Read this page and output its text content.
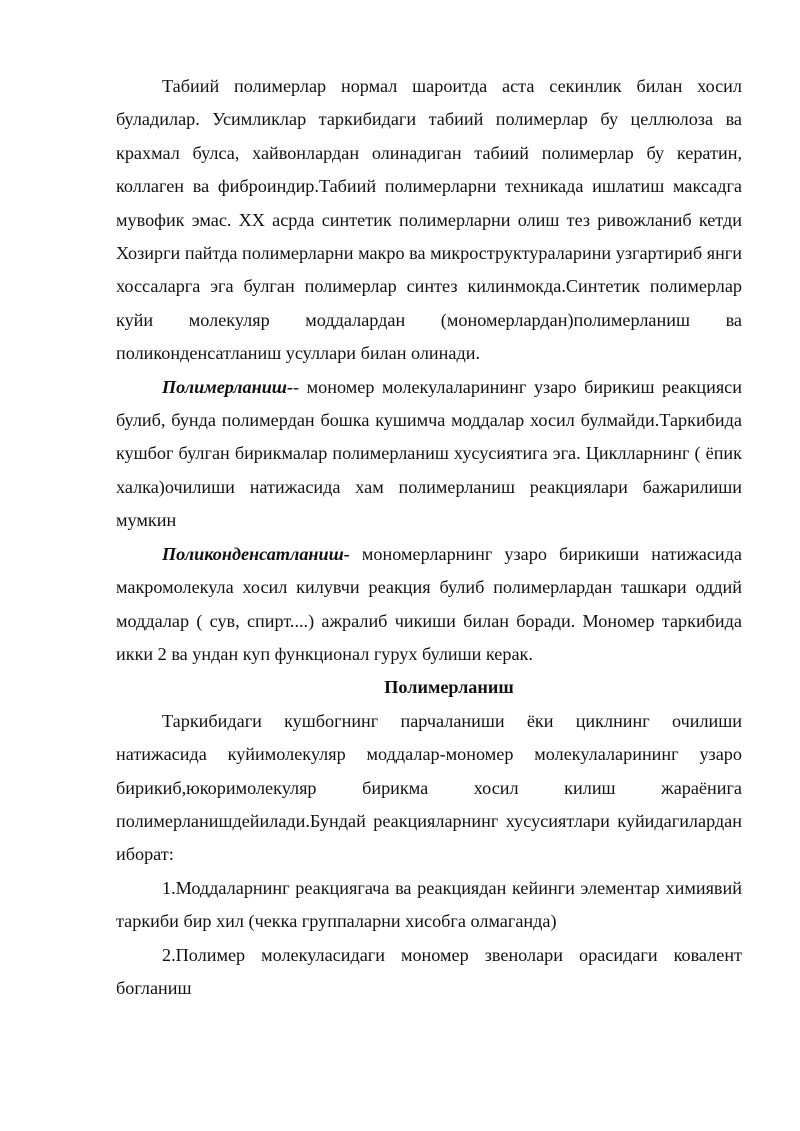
Табиий полимерлар нормал шароитда аста секинлик билан хосил буладилар. Усимликлар таркибидаги табиий полимерлар бу целлюлоза ва крахмал булса, хайвонлардан олинадиган табиий полимерлар бу кератин, коллаген ва фиброиндир.Табиий полимерларни техникада ишлатиш максадга мувофик эмас. ХХ асрда синтетик полимерларни олиш тез ривожланиб кетди Хозирги пайтда полимерларни макро ва микроструктураларини узгартириб янги хоссаларга эга булган полимерлар синтез килинмокда.Синтетик полимерлар куйи молекуляр моддалардан (мономерлардан)полимерланиш ва поликонденсатланиш усуллари билан олинади.

Полимерланиш-- мономер молекулаларининг узаро бирикиш реакцияси булиб, бунда полимердан бошка кушимча моддалар хосил булмайди.Таркибида кушбог булган бирикмалар полимерланиш хусусиятига эга. Циклларнинг ( ёпик халка)очилиши натижасида хам полимерланиш реакциялари бажарилиши мумкин

Поликонденсатланиш- мономерларнинг узаро бирикиши натижасида макромолекула хосил килувчи реакция булиб полимерлардан ташкари оддий моддалар ( сув, спирт....) ажралиб чикиши билан боради. Мономер таркибида икки 2 ва ундан куп функционал гурух булиши керак.

Полимерланиш

Таркибидаги кушбогнинг парчаланиши ёки циклнинг очилиши натижасида куйимолекуляр моддалар-мономер молекулаларининг узаро бирикиб,юкоримолекуляр бирикма хосил килиш жараёнига полимерланишдейилади.Бундай реакцияларнинг хусусиятлари куйидагилардан иборат:

1.Моддаларнинг реакциягача ва реакциядан кейинги элементар химиявий таркиби бир хил (чекка группаларни хисобга олмаганда)

2.Полимер молекуласидаги мономер звенолари орасидаги ковалент богланиш
